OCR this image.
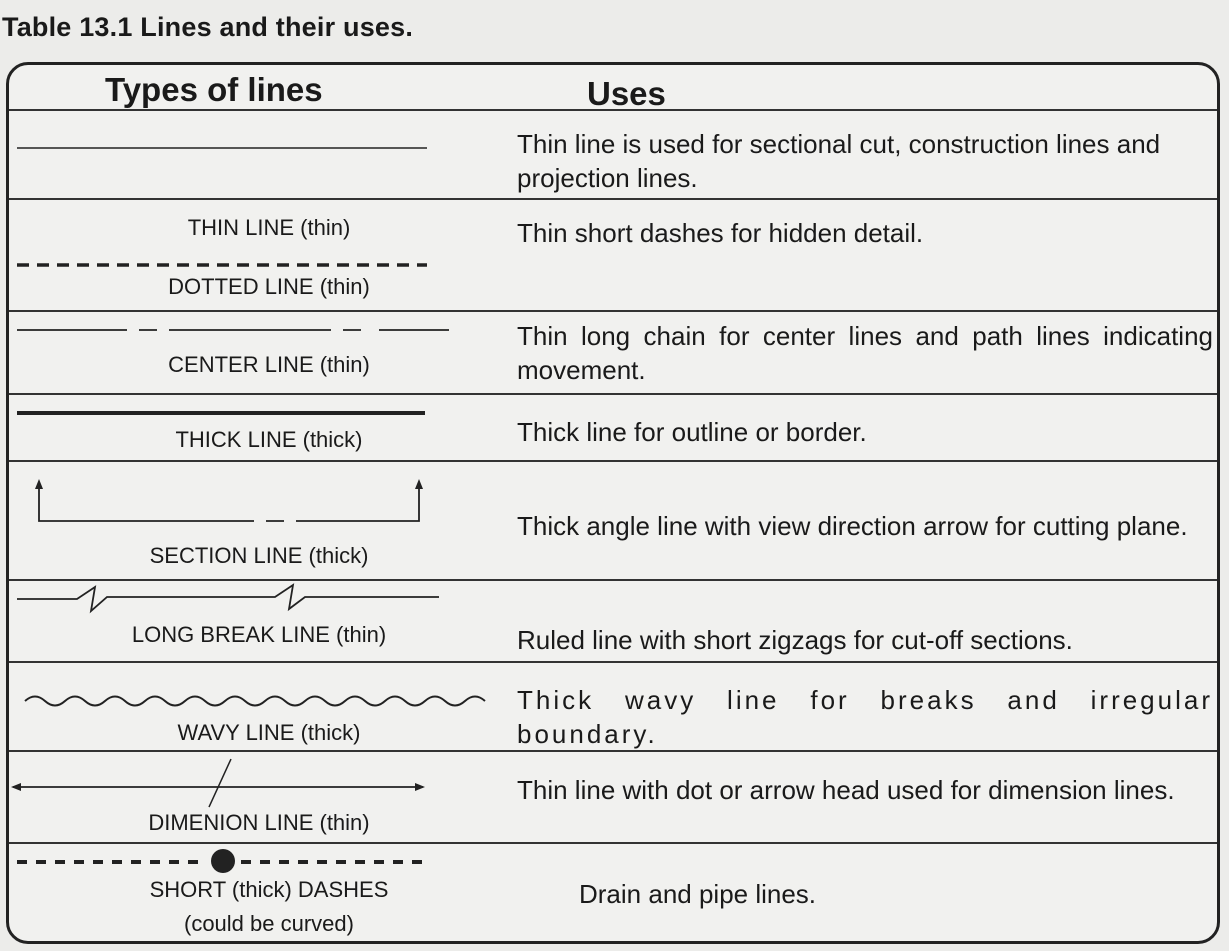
Table 13.1 Lines and their uses.
Types of lines	Uses
THIN LINE (thin)
DOTTED LINE (thin)
CENTER LINE (thin)
THICK LINE (thick)
SECTION LINE (thick)
LONG BREAK LINE (thin)
WAVY LINE (thick)
DIMENION LINE (thin)
SHORT (thick) DASHES
(could be curved)
Thin line is used for sectional cut, construction lines and projection lines.
Thin short dashes for hidden detail.
Thin long chain for center lines and path lines indicating movement.
Thick line for outline or border.
Thick angle line with view direction arrow for cutting plane.
Ruled line with short zigzags for cut-off sections.
Thick wavy line for breaks and irregular boundary.
Thin line with dot or arrow head used for dimension lines.
Drain and pipe lines.
